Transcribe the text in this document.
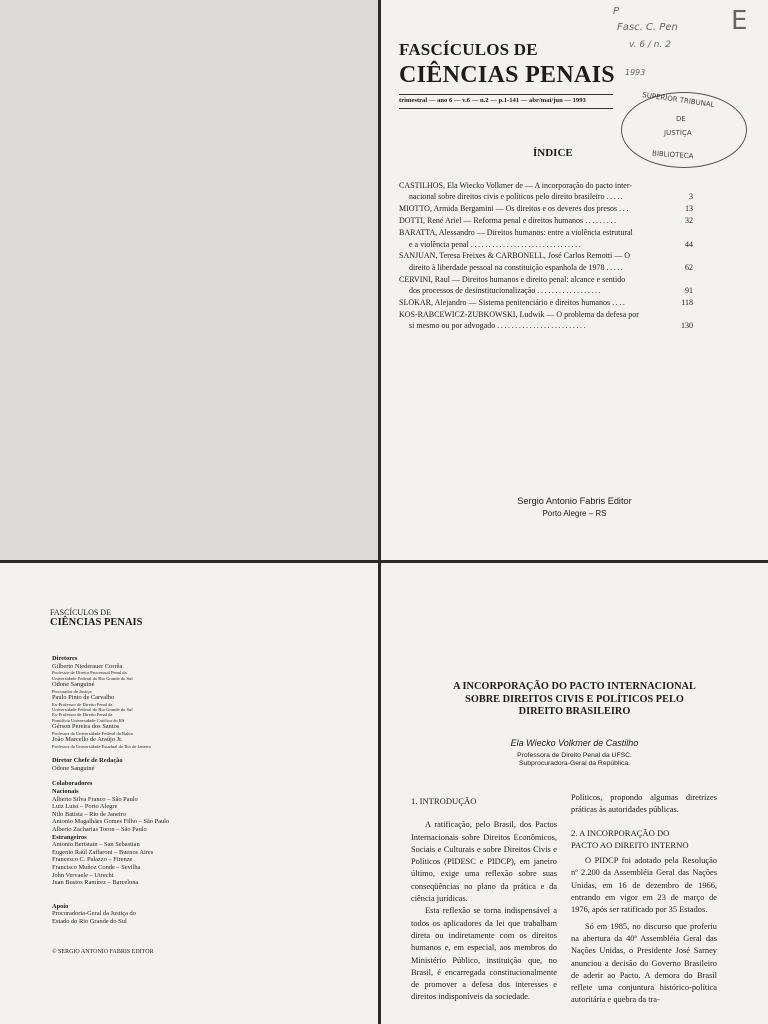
P
Fasc. C. Pen
v. 6 / n. 2
1993
E
FASCÍCULOS DE
CIÊNCIAS PENAIS
trimestral — ano 6 — v.6 — n.2 — p.1-141 — abr/mai/jun — 1993	SUPERIOR TRIBUNAL
DE
JUSTIÇA
BIBLIOTECA
ÍNDICE
CASTILHOS, Ela Wiecko Volkmer de — A incorporação do pacto inter-
nacional sobre direitos civis e políticos pelo direito brasileiro .....	3
MIOTTO, Armida Bergamini — Os direitos e os deveres dos presos ...	13
DOTTI, René Ariel — Reforma penal e direitos humanos .........	32
BARATTA, Alessandro — Direitos humanos: entre a violência estrutural
e a violência penal ...............................	44
SANJUAN, Teresa Freixes & CARBONELL, José Carlos Remotti — O
direito à liberdade pessoal na constituição espanhola de 1978 .....	62
CERVINI, Raul — Direitos humanos e direito penal: alcance e sentido
dos processos de desinstitucionalização ..................	91
SLOKAR, Alejandro — Sistema penitenciário e direitos humanos ....	118
KOS-RABCEWICZ-ZUBKOWSKI, Ludwik — O problema da defesa por
si mesmo ou por advogado .........................	130
Sergio Antonio Fabris Editor
Porto Alegre – RS
FASCÍCULOS DE
CIÊNCIAS PENAIS
Diretores
Gilberto Niederauer Corrêa
Professor de Direito Processual Penal da
Universidade Federal do Rio Grande do Sul
Odone Sanguiné
Procurador de Justiça
Paulo Pinto de Carvalho
Ex-Professor de Direito Penal da
Universidade Federal do Rio Grande do Sul
Ex-Professor de Direito Penal da
Pontifícia Universidade Católica do RS
Gérson Pereira dos Santos
Professor da Universidade Federal da Bahia
João Marcello de Araújo Jr.
Professor da Universidade Estadual do Rio de Janeiro
Diretor Chefe de Redação
Odone Sanguiné
Colaboradores
Nacionais
Alberto Silva Franco – São Paulo
Luiz Luisi – Porto Alegre
Nilo Batista – Rio de Janeiro
Antonio Magalhães Gomes Filho – São Paulo
Alberto Zacharias Toron – São Paulo
Estrangeiros
Antonio Beristain – San Sebastian
Eugenio Raúl Zaffaroni – Buenos Aires
Francesco C. Palazzo – Firenze
Francisco Muñoz Conde – Sevilha
John Vervaele – Utrecht
Juan Bustos Ramírez – Barcelona
Apoio
Procuradoria-Geral da Justiça do
Estado do Rio Grande do Sul
© SERGIO ANTONIO FABRIS EDITOR
A INCORPORAÇÃO DO PACTO INTERNACIONAL
SOBRE DIREITOS CIVIS E POLÍTICOS PELO
DIREITO BRASILEIRO
Ela Wiecko Volkmer de Castilho
Professora de Direito Penal da UFSC.
Subprocuradora-Geral da República.
1. INTRODUÇÃO

A ratificação, pelo Brasil, dos Pactos Internacionais sobre Direitos Econômicos, Sociais e Culturais e sobre Direitos Civis e Políticos (PIDESC e PIDCP), em janeiro último, exige uma reflexão sobre suas conseqüências no plano da prática e da ciência jurídicas.

Esta reflexão se torna indispensável a todos os aplicadores da lei que trabalham direta ou indiretamente com os direitos humanos e, em especial, aos membros do Ministério Público, instituição que, no Brasil, é encarregada constitucionalmente de promover a defesa dos interesses e direitos indisponíveis da sociedade.

Políticos, propondo algumas diretrizes práticas às autoridades públicas.

2. A INCORPORAÇÃO DO
PACTO AO DIREITO INTERNO

O PIDCP foi adotado pela Resolução nº 2.200 da Assembléia Geral das Nações Unidas, em 16 de dezembro de 1966, entrando em vigor em 23 de março de 1976, após ser ratificado por 35 Estados.

Só em 1985, no discurso que proferiu na abertura da 40ª Assembléia Geral das Nações Unidas, o Presidente José Sarney anunciou a decisão do Governo Brasileiro de aderir ao Pacto. A demora do Brasil reflete uma conjuntura histórico-política autoritária e quebra da tra-
